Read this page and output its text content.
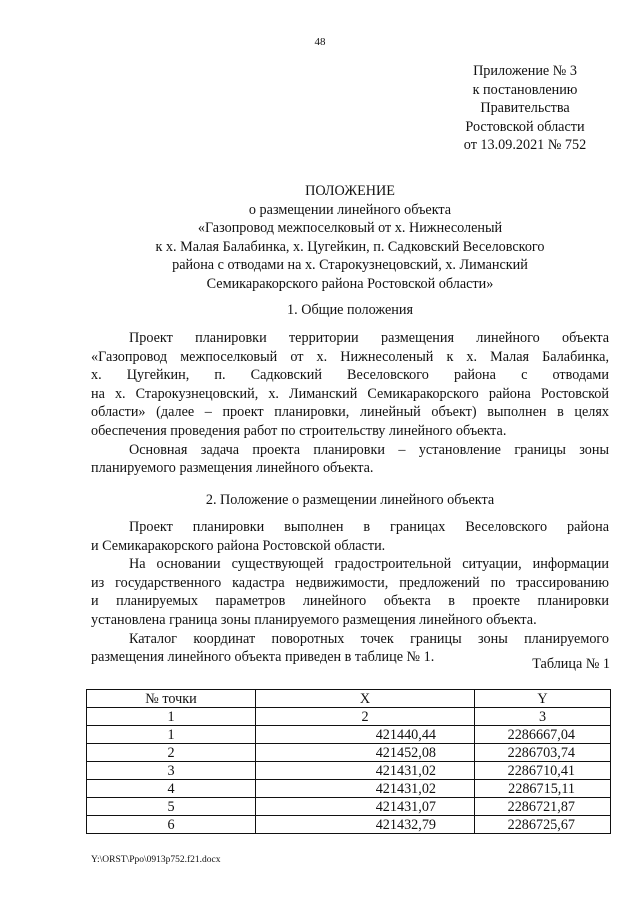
48
Приложение № 3
к постановлению
Правительства
Ростовской области
от 13.09.2021 № 752
ПОЛОЖЕНИЕ
о размещении линейного объекта
«Газопровод межпоселковый от х. Нижнесоленый
к х. Малая Балабинка, х. Цугейкин, п. Садковский Веселовского
района с отводами на х. Старокузнецовский, х. Лиманский
Семикаракорского района Ростовской области»
1. Общие положения
Проект планировки территории размещения линейного объекта
«Газопровод межпоселковый от х. Нижнесоленый к х. Малая Балабинка,
х. Цугейкин, п. Садковский Веселовского района с отводами
на х. Старокузнецовский, х. Лиманский Семикаракорского района Ростовской
области» (далее – проект планировки, линейный объект) выполнен в целях
обеспечения проведения работ по строительству линейного объекта.
Основная задача проекта планировки – установление границы зоны
планируемого размещения линейного объекта.
2. Положение о размещении линейного объекта
Проект планировки выполнен в границах Веселовского района
и Семикаракорского района Ростовской области.
На основании существующей градостроительной ситуации, информации
из государственного кадастра недвижимости, предложений по трассированию
и планируемых параметров линейного объекта в проекте планировки
установлена граница зоны планируемого размещения линейного объекта.
Каталог координат поворотных точек границы зоны планируемого
размещения линейного объекта приведен в таблице № 1.	Таблица № 1
№ точки	X	Y
1	2	3
1	421440,44	2286667,04
2	421452,08	2286703,74
3	421431,02	2286710,41
4	421431,02	2286715,11
5	421431,07	2286721,87
6	421432,79	2286725,67
Y:\ORST\Ppo\0913p752.f21.docx
